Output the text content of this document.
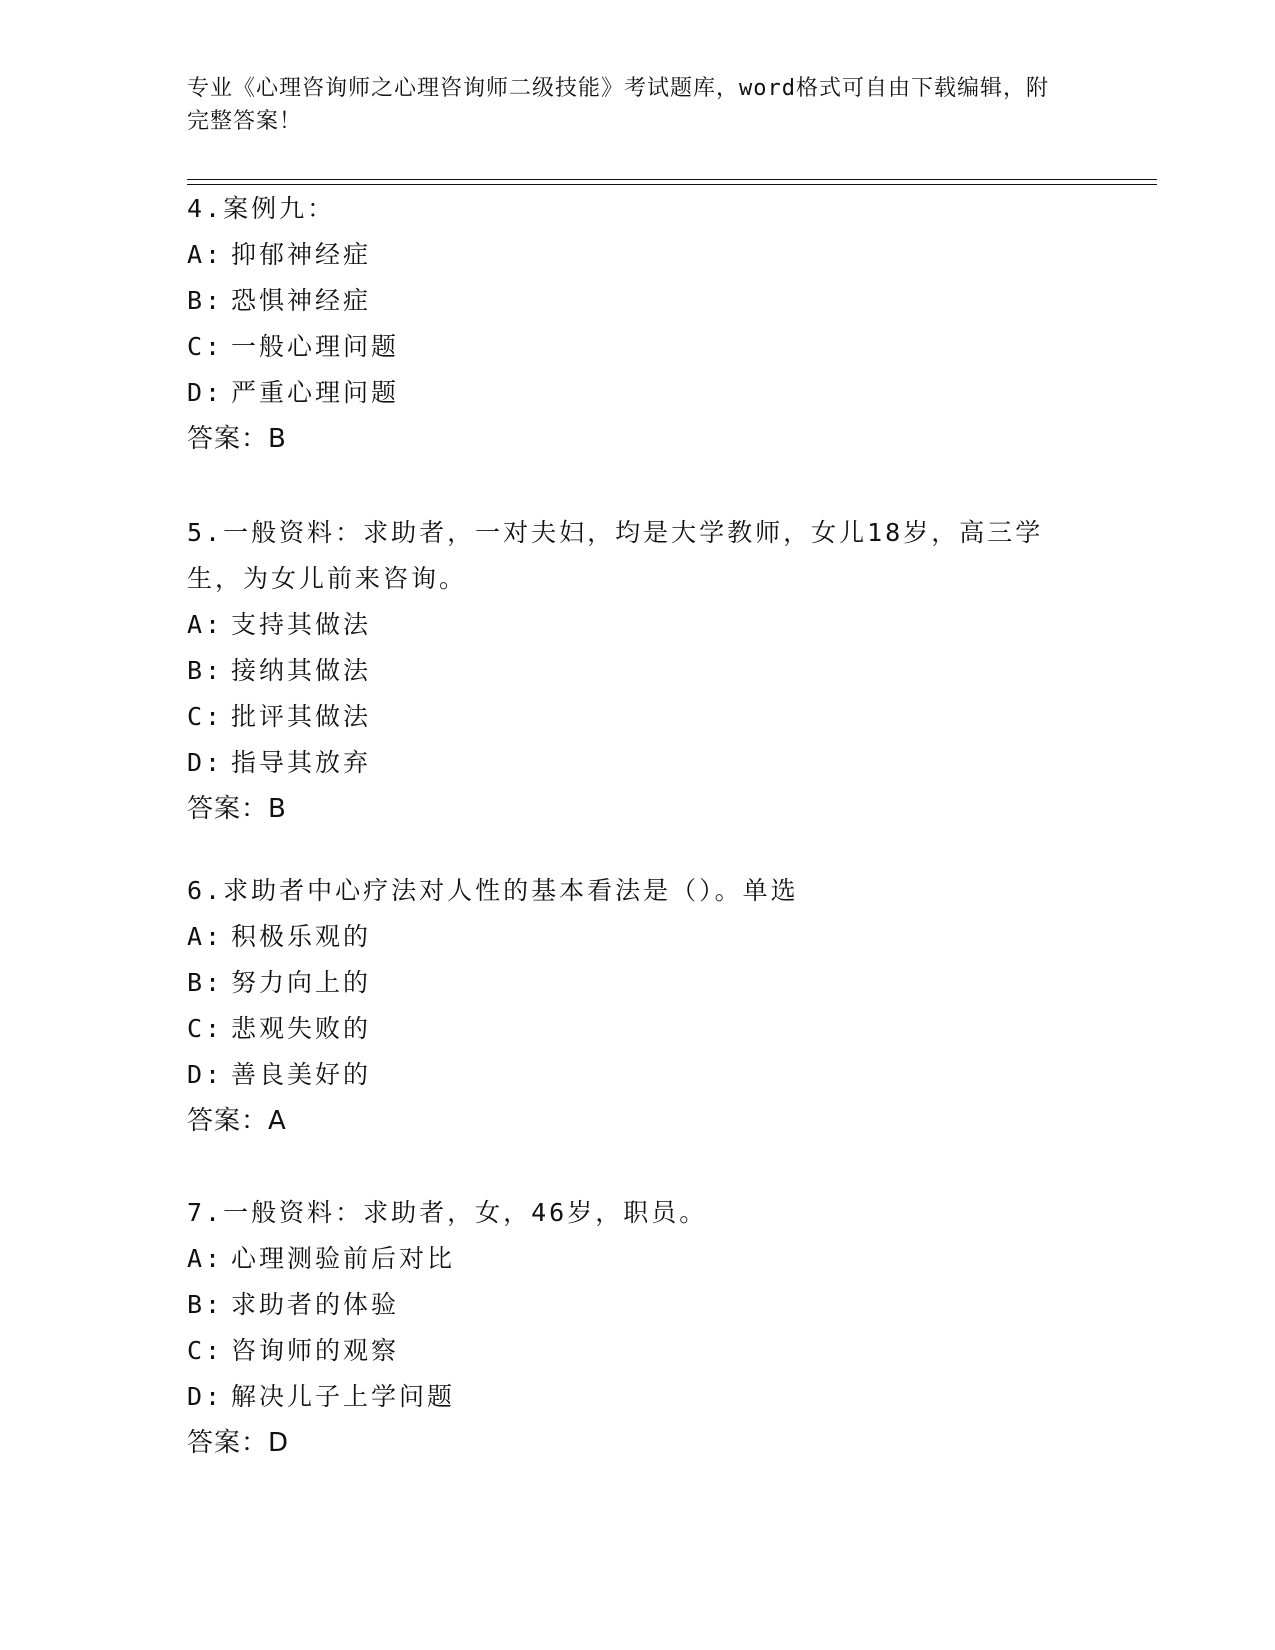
专业《心理咨询师之心理咨询师二级技能》考试题库，word格式可自由下载编辑，附完整答案！
4.案例九：
A: 抑郁神经症
B: 恐惧神经症
C: 一般心理问题
D: 严重心理问题
答案：B
5.一般资料：求助者，一对夫妇，均是大学教师，女儿18岁，高三学生，为女儿前来咨询。
A: 支持其做法
B: 接纳其做法
C: 批评其做法
D: 指导其放弃
答案：B
6.求助者中心疗法对人性的基本看法是（）。单选
A: 积极乐观的
B: 努力向上的
C: 悲观失败的
D: 善良美好的
答案：A
7.一般资料：求助者，女，46岁，职员。
A: 心理测验前后对比
B: 求助者的体验
C: 咨询师的观察
D: 解决儿子上学问题
答案：D
